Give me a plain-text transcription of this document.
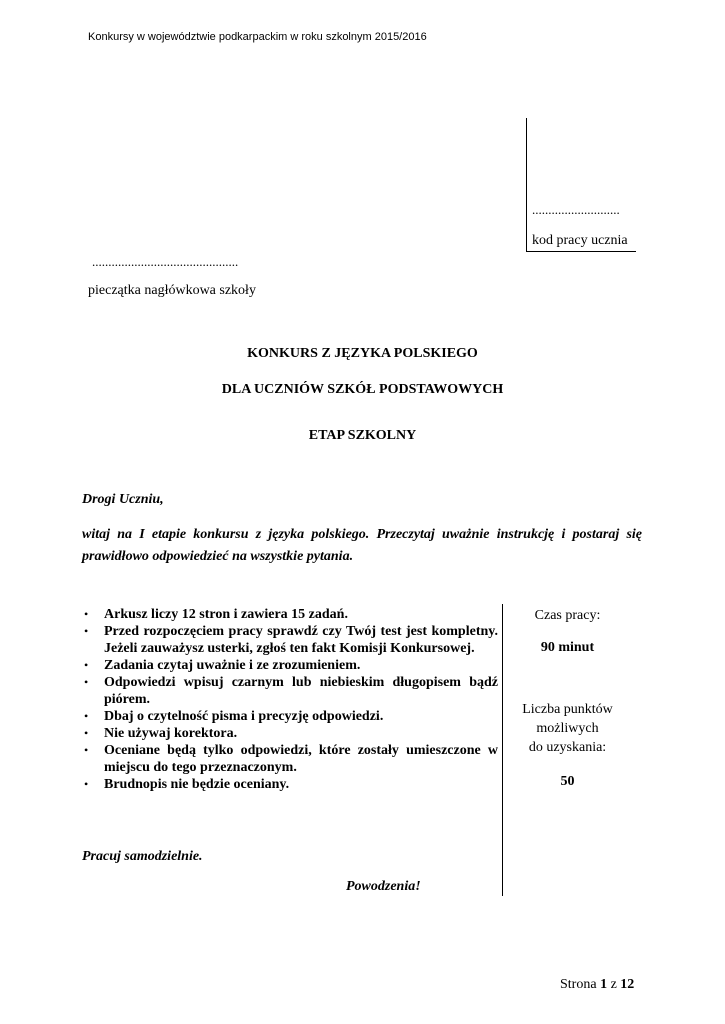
Konkursy w województwie podkarpackim w roku szkolnym 2015/2016
...........................
kod pracy ucznia
.............................................
pieczątka nagłówkowa szkoły
KONKURS Z JĘZYKA POLSKIEGO
DLA UCZNIÓW SZKÓŁ PODSTAWOWYCH
ETAP SZKOLNY
Drogi Uczniu,
witaj na I etapie konkursu z języka polskiego. Przeczytaj uważnie instrukcję i postaraj się prawidłowo odpowiedzieć na wszystkie pytania.
• Arkusz liczy 12 stron i zawiera 15 zadań.
• Przed rozpoczęciem pracy sprawdź czy Twój test jest kompletny. Jeżeli zauważysz usterki, zgłoś ten fakt Komisji Konkursowej.
• Zadania czytaj uważnie i ze zrozumieniem.
• Odpowiedzi wpisuj czarnym lub niebieskim długopisem bądź piórem.
• Dbaj o czytelność pisma i precyzję odpowiedzi.
• Nie używaj korektora.
• Oceniane będą tylko odpowiedzi, które zostały umieszczone w miejscu do tego przeznaczonym.
• Brudnopis nie będzie oceniany.
Czas pracy:
90 minut
Liczba punktów
możliwych
do uzyskania:
50
Pracuj samodzielnie.
Powodzenia!
Strona 1 z 12
